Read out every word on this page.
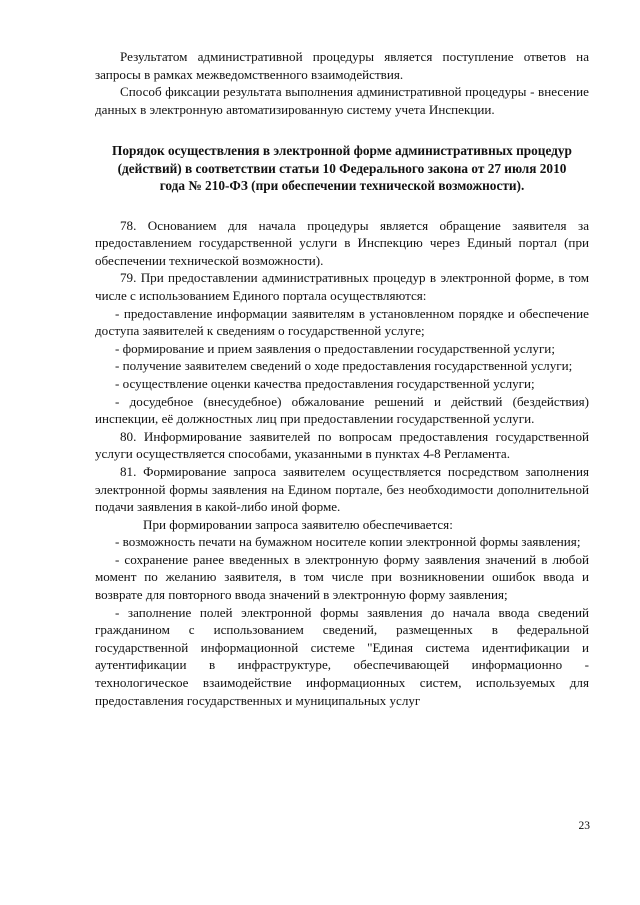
Результатом административной процедуры является поступление ответов на запросы в рамках межведомственного взаимодействия.

Способ фиксации результата выполнения административной процедуры - внесение данных в электронную автоматизированную систему учета Инспекции.

Порядок осуществления в электронной форме административных процедур (действий) в соответствии статьи 10 Федерального закона от 27 июля 2010 года № 210-ФЗ (при обеспечении технической возможности).

78. Основанием для начала процедуры является обращение заявителя за предоставлением государственной услуги в Инспекцию через Единый портал (при обеспечении технической возможности).

79. При предоставлении административных процедур в электронной форме, в том числе с использованием Единого портала осуществляются:

- предоставление информации заявителям в установленном порядке и обеспечение доступа заявителей к сведениям о государственной услуге;

- формирование и прием заявления о предоставлении государственной услуги;

- получение заявителем сведений о ходе предоставления государственной услуги;

- осуществление оценки качества предоставления государственной услуги;

- досудебное (внесудебное) обжалование решений и действий (бездействия) инспекции, её должностных лиц при предоставлении государственной услуги.

80. Информирование заявителей по вопросам предоставления государственной услуги осуществляется способами, указанными в пунктах 4-8 Регламента.

81. Формирование запроса заявителем осуществляется посредством заполнения электронной формы заявления на Едином портале, без необходимости дополнительной подачи заявления в какой-либо иной форме.

При формировании запроса заявителю обеспечивается:

- возможность печати на бумажном носителе копии электронной формы заявления;

- сохранение ранее введенных в электронную форму заявления значений в любой момент по желанию заявителя, в том числе при возникновении ошибок ввода и возврате для повторного ввода значений в электронную форму заявления;

- заполнение полей электронной формы заявления до начала ввода сведений гражданином с использованием сведений, размещенных в федеральной государственной информационной системе "Единая система идентификации и аутентификации в инфраструктуре, обеспечивающей информационно - технологическое взаимодействие информационных систем, используемых для предоставления государственных и муниципальных услуг

23
